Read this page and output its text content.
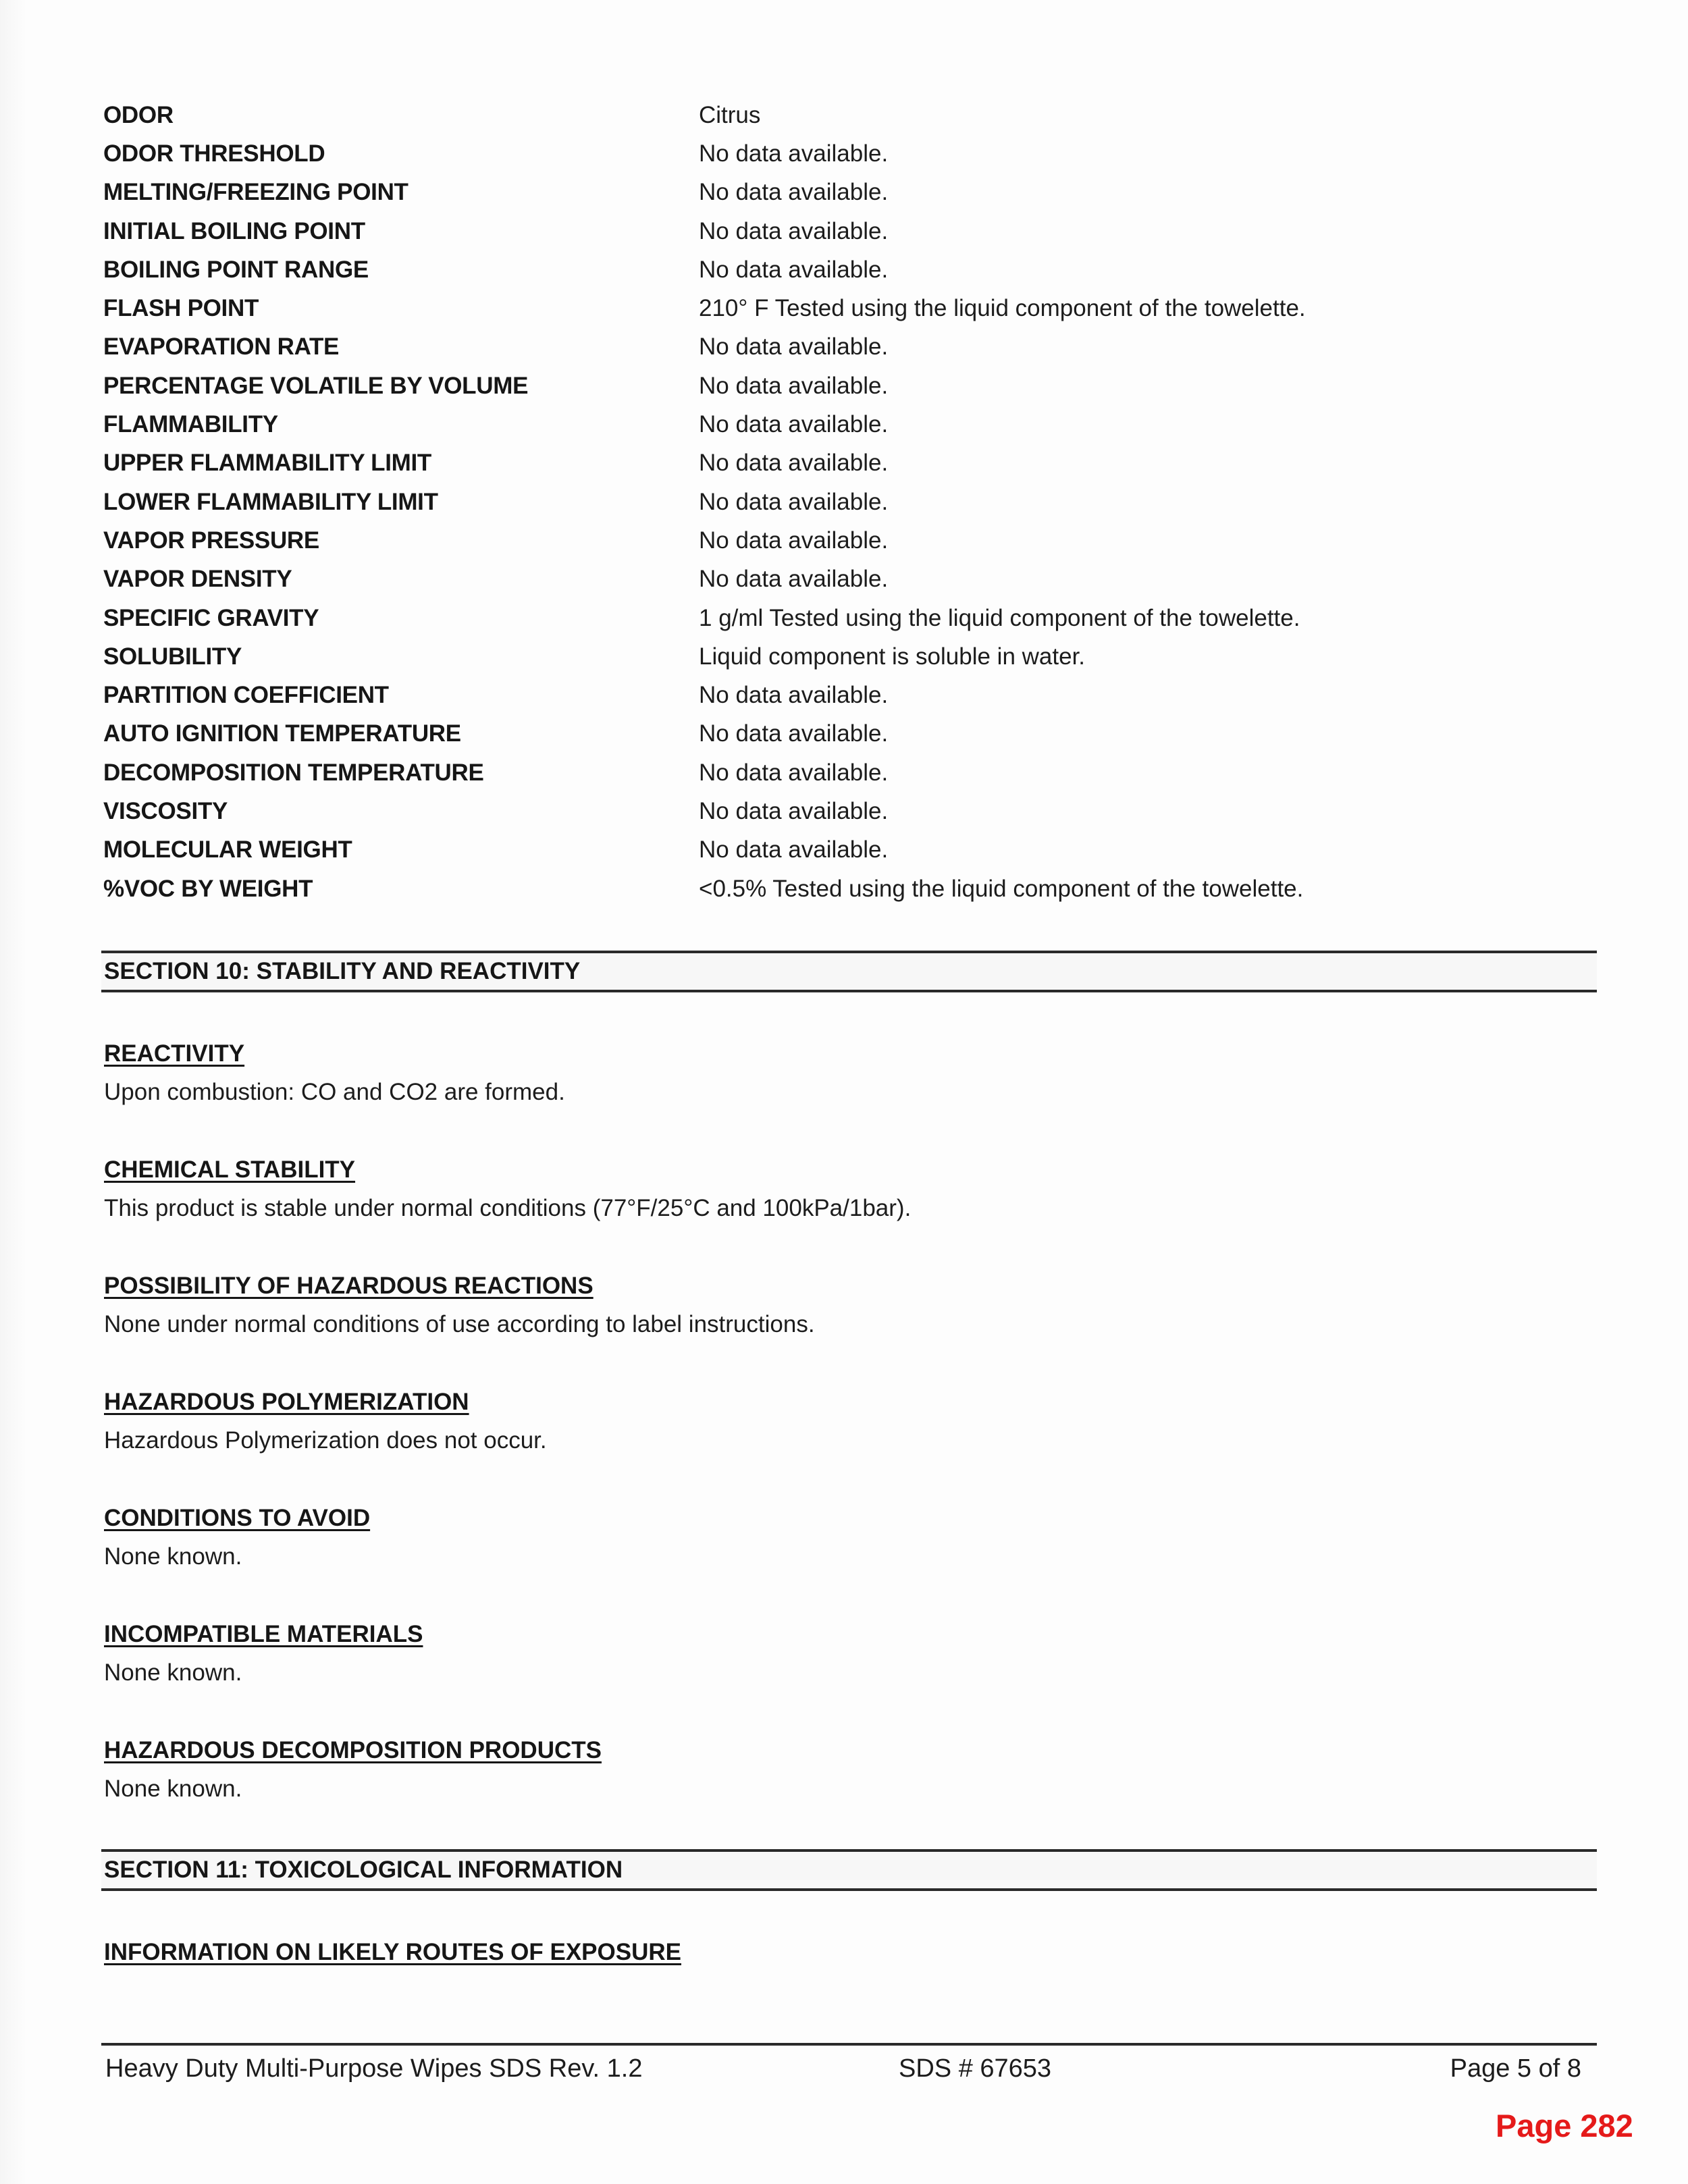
ODOR	Citrus
ODOR THRESHOLD	No data available.
MELTING/FREEZING POINT	No data available.
INITIAL BOILING POINT	No data available.
BOILING POINT RANGE	No data available.
FLASH POINT	210° F Tested using the liquid component of the towelette.
EVAPORATION RATE	No data available.
PERCENTAGE VOLATILE BY VOLUME	No data available.
FLAMMABILITY	No data available.
UPPER FLAMMABILITY LIMIT	No data available.
LOWER FLAMMABILITY LIMIT	No data available.
VAPOR PRESSURE	No data available.
VAPOR DENSITY	No data available.
SPECIFIC GRAVITY	1 g/ml Tested using the liquid component of the towelette.
SOLUBILITY	Liquid component is soluble in water.
PARTITION COEFFICIENT	No data available.
AUTO IGNITION TEMPERATURE	No data available.
DECOMPOSITION TEMPERATURE	No data available.
VISCOSITY	No data available.
MOLECULAR WEIGHT	No data available.
%VOC BY WEIGHT	<0.5% Tested using the liquid component of the towelette.
SECTION 10: STABILITY AND REACTIVITY
REACTIVITY
Upon combustion: CO and CO2 are formed.
CHEMICAL STABILITY
This product is stable under normal conditions (77°F/25°C and 100kPa/1bar).
POSSIBILITY OF HAZARDOUS REACTIONS
None under normal conditions of use according to label instructions.
HAZARDOUS POLYMERIZATION
Hazardous Polymerization does not occur.
CONDITIONS TO AVOID
None known.
INCOMPATIBLE MATERIALS
None known.
HAZARDOUS DECOMPOSITION PRODUCTS
None known.
SECTION 11: TOXICOLOGICAL INFORMATION
INFORMATION ON LIKELY ROUTES OF EXPOSURE
Heavy Duty Multi-Purpose Wipes SDS Rev. 1.2	SDS # 67653	Page 5 of 8
Page 282
